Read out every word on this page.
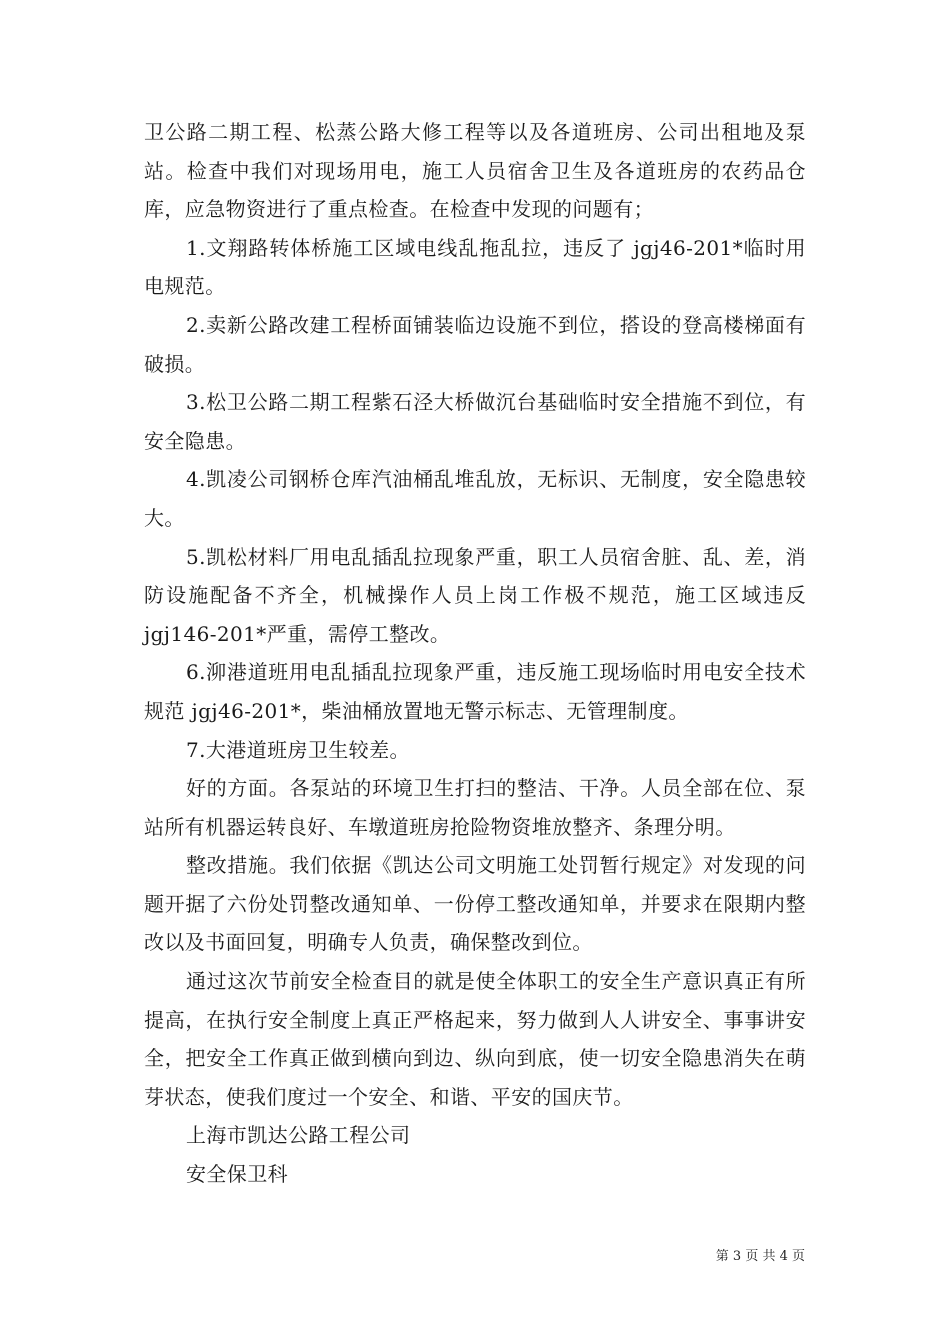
卫公路二期工程、松蒸公路大修工程等以及各道班房、公司出租地及泵站。检查中我们对现场用电，施工人员宿舍卫生及各道班房的农药品仓库，应急物资进行了重点检查。在检查中发现的问题有；

1.文翔路转体桥施工区域电线乱拖乱拉，违反了 jgj46-201*临时用电规范。

2.卖新公路改建工程桥面铺装临边设施不到位，搭设的登高楼梯面有破损。

3.松卫公路二期工程紫石泾大桥做沉台基础临时安全措施不到位，有安全隐患。

4.凯凌公司钢桥仓库汽油桶乱堆乱放，无标识、无制度，安全隐患较大。

5.凯松材料厂用电乱插乱拉现象严重，职工人员宿舍脏、乱、差，消防设施配备不齐全，机械操作人员上岗工作极不规范，施工区域违反 jgj146-201*严重，需停工整改。

6.泖港道班用电乱插乱拉现象严重，违反施工现场临时用电安全技术规范 jgj46-201*，柴油桶放置地无警示标志、无管理制度。

7.大港道班房卫生较差。

好的方面。各泵站的环境卫生打扫的整洁、干净。人员全部在位、泵站所有机器运转良好、车墩道班房抢险物资堆放整齐、条理分明。

整改措施。我们依据《凯达公司文明施工处罚暂行规定》对发现的问题开据了六份处罚整改通知单、一份停工整改通知单，并要求在限期内整改以及书面回复，明确专人负责，确保整改到位。

通过这次节前安全检查目的就是使全体职工的安全生产意识真正有所提高，在执行安全制度上真正严格起来，努力做到人人讲安全、事事讲安全，把安全工作真正做到横向到边、纵向到底，使一切安全隐患消失在萌芽状态，使我们度过一个安全、和谐、平安的国庆节。

上海市凯达公路工程公司

安全保卫科

第 3 页 共 4 页
